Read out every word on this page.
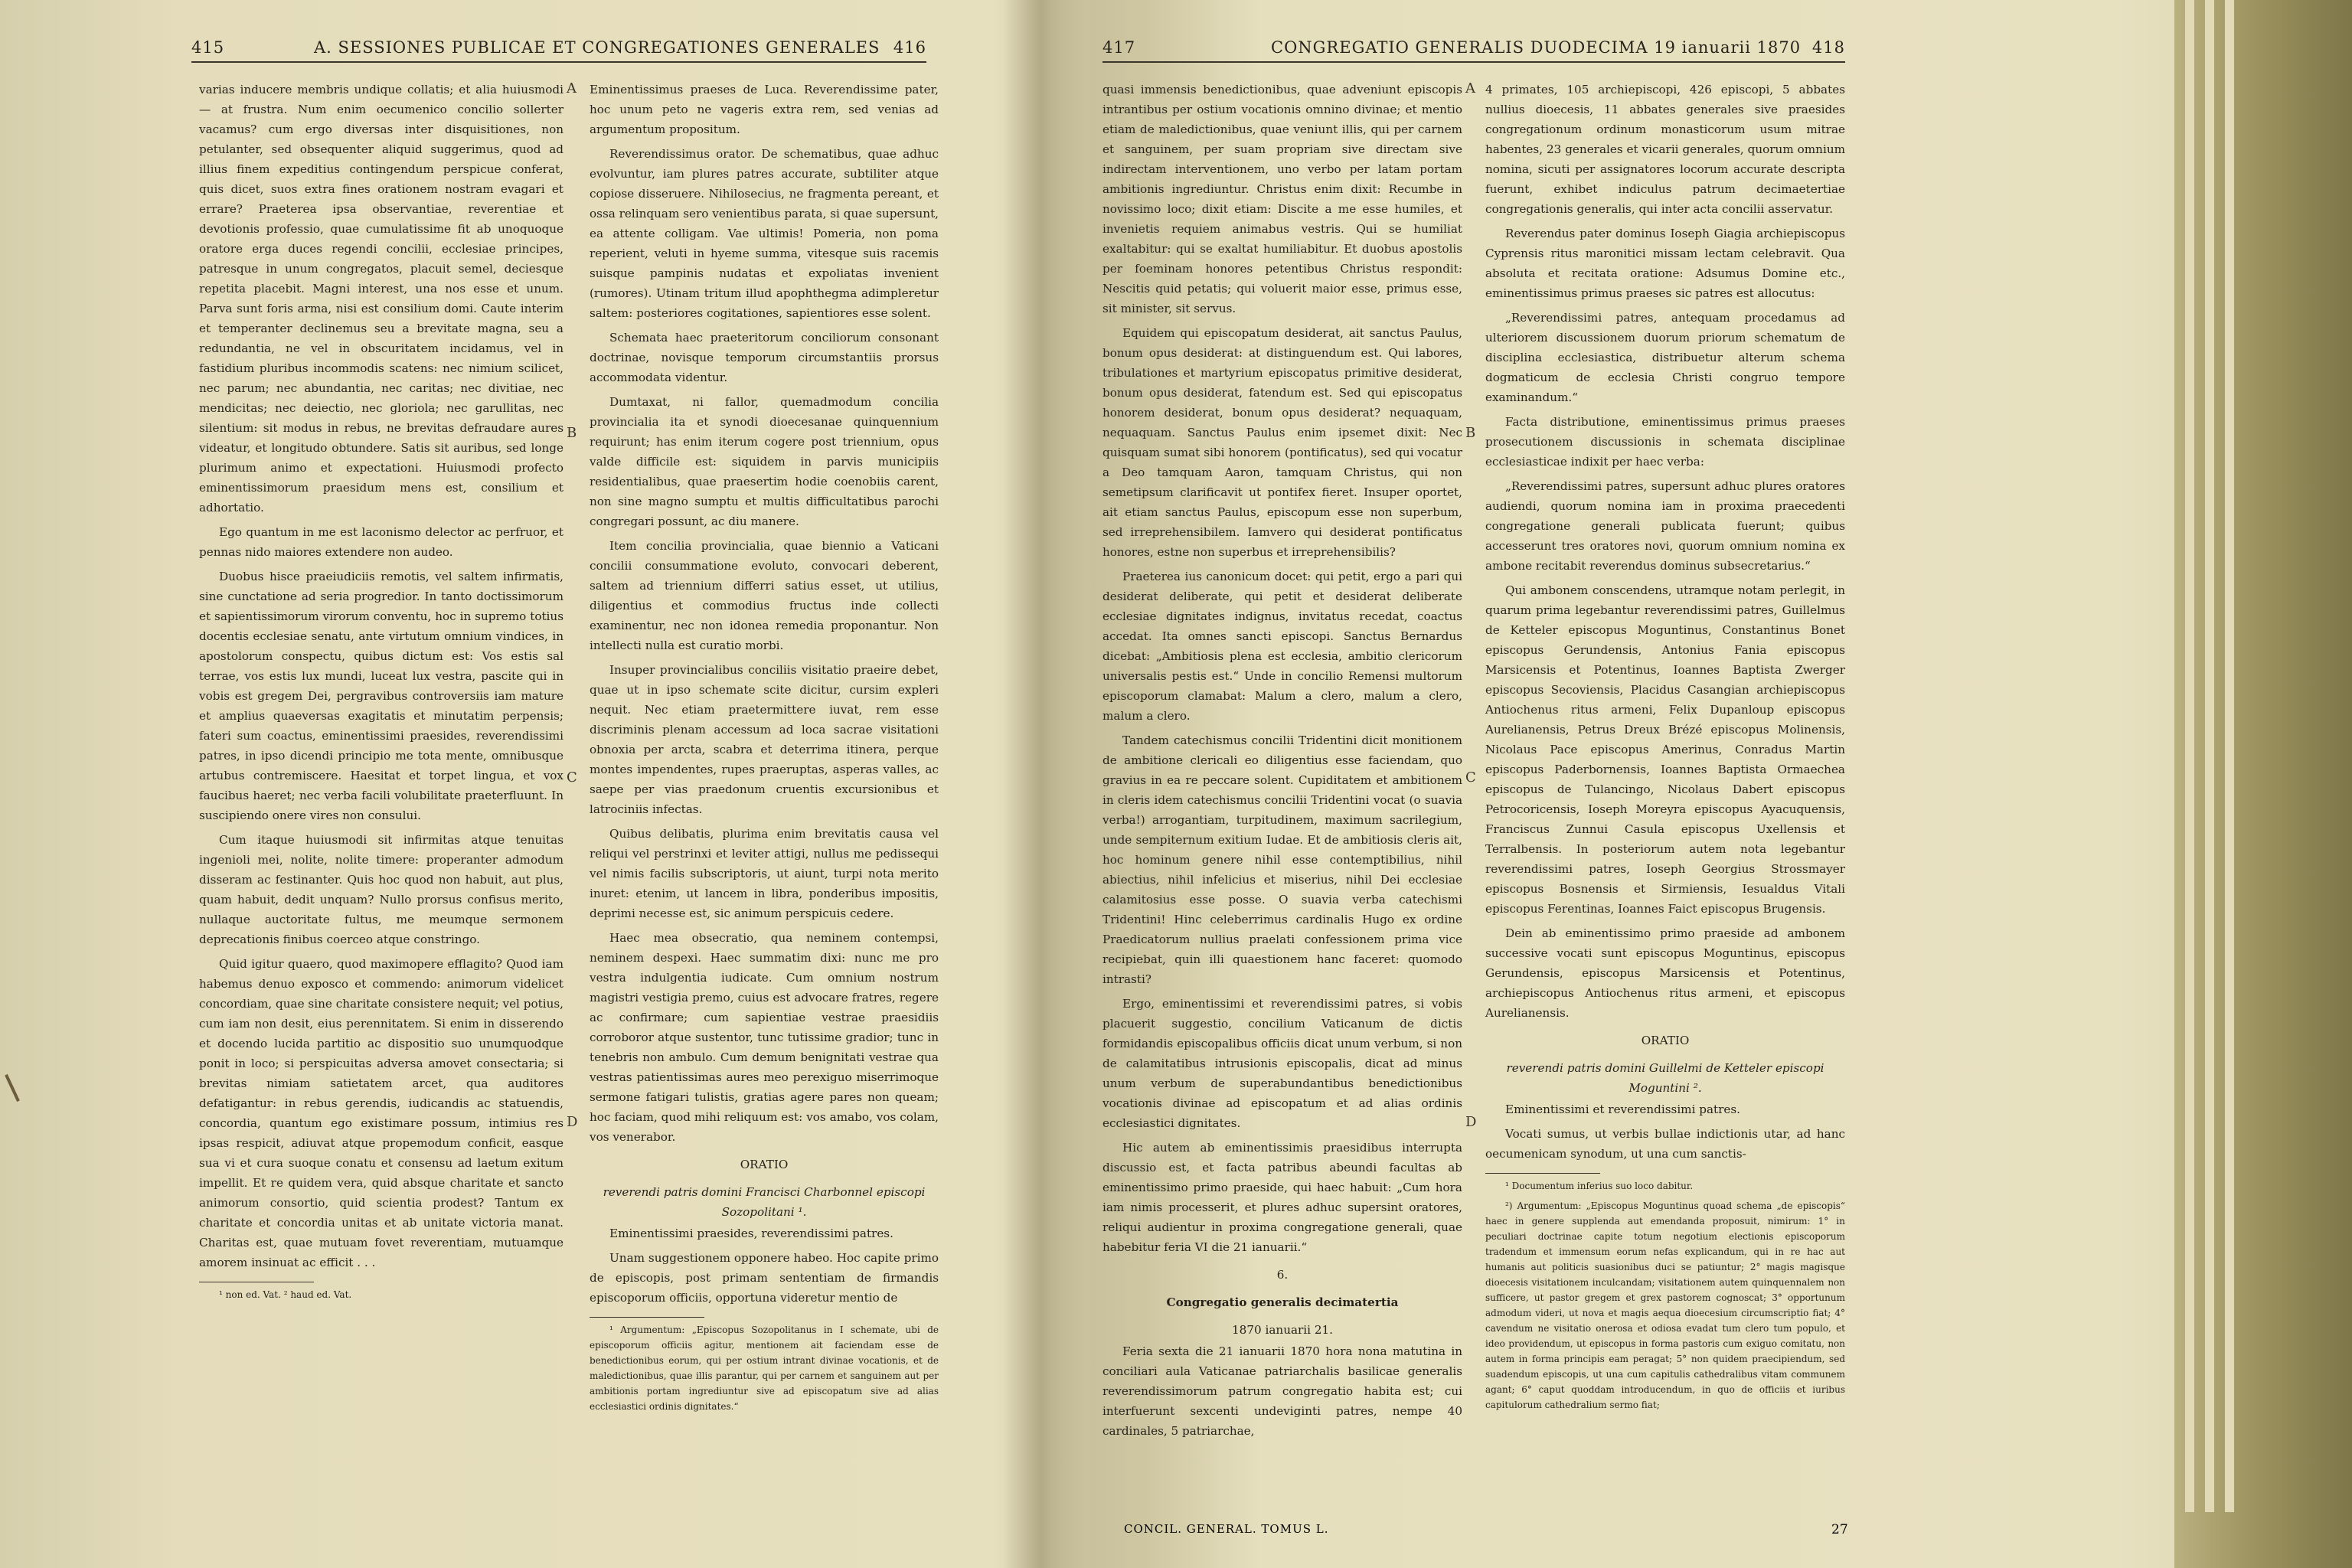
415	A. SESSIONES PUBLICAE ET CONGREGATIONES GENERALES 416

varias inducere membris undique collatis; et alia huiusmodi — at frustra. Num enim oecumenico concilio sollerter vacamus? cum ergo diversas inter disquisitiones, non petulanter, sed obsequenter aliquid suggerimus, quod ad illius finem expeditius contingendum perspicue conferat, quis dicet, suos extra fines orationem nostram evagari et errare? Praeterea ipsa observantiae, reverentiae et devotionis professio, quae cumulatissime fit ab unoquoque oratore erga duces regendi concilii, ecclesiae principes, patresque in unum congregatos, placuit semel, deciesque repetita placebit. Magni interest, una nos esse et unum. Parva sunt foris arma, nisi est consilium domi. Caute interim et temperanter declinemus seu a brevitate magna, seu a redundantia, ne vel in obscuritatem incidamus, vel in fastidium pluribus incommodis scatens: nec nimium scilicet, nec parum; nec abundantia, nec caritas; nec divitiae, nec mendicitas; nec deiectio, nec gloriola; nec garullitas, nec silentium: sit modus in rebus, ne brevitas defraudare aures videatur, et longitudo obtundere. Satis sit auribus, sed longe plurimum animo et expectationi. Huiusmodi profecto eminentissimorum praesidum mens est, consilium et adhortatio.

Ego quantum in me est laconismo delector ac perfruor, et pennas nido maiores extendere non audeo.

Duobus hisce praeiudiciis remotis, vel saltem infirmatis, sine cunctatione ad seria progredior. In tanto doctissimorum et sapientissimorum virorum conventu, hoc in supremo totius docentis ecclesiae senatu, ante virtutum omnium vindices, in apostolorum conspectu, quibus dictum est: Vos estis sal terrae, vos estis lux mundi, luceat lux vestra, pascite qui in vobis est gregem Dei, pergravibus controversiis iam mature et amplius quaeversas exagitatis et minutatim perpensis; fateri sum coactus, eminentissimi praesides, reverendissimi patres, in ipso dicendi principio me tota mente, omnibusque artubus contremiscere. Haesitat et torpet lingua, et vox faucibus haeret; nec verba facili volubilitate praeterfluunt. In suscipiendo onere vires non consului.

Cum itaque huiusmodi sit infirmitas atque tenuitas ingenioli mei, nolite, nolite timere: properanter admodum disseram ac festinanter. Quis hoc quod non habuit, aut plus, quam habuit, dedit unquam? Nullo prorsus confisus merito, nullaque auctoritate fultus, me meumque sermonem deprecationis finibus coerceo atque constringo.

Quid igitur quaero, quod maximopere efflagito? Quod iam habemus denuo exposco et commendo: animorum videlicet concordiam, quae sine charitate consistere nequit; vel potius, cum iam non desit, eius perennitatem. Si enim in disserendo et docendo lucida partitio ac dispositio suo unumquodque ponit in loco; si perspicuitas adversa amovet consectaria; si brevitas nimiam satietatem arcet, qua auditores defatigantur: in rebus gerendis, iudicandis ac statuendis, concordia, quantum ego existimare possum, intimius res ipsas respicit, adiuvat atque propemodum conficit, easque sua vi et cura suoque conatu et consensu ad laetum exitum impellit. Et re quidem vera, quid absque charitate et sancto animorum consortio, quid scientia prodest? Tantum ex charitate et concordia unitas et ab unitate victoria manat. Charitas est, quae mutuam fovet reverentiam, mutuamque amorem insinuat ac efficit . . .

¹ non ed. Vat. ² haud ed. Vat.

A
B
C
D

Eminentissimus praeses de Luca. Reverendissime pater, hoc unum peto ne vageris extra rem, sed venias ad argumentum propositum.

Reverendissimus orator. De schematibus, quae adhuc evolvuntur, iam plures patres accurate, subtiliter atque copiose disseruere. Nihilosecius, ne fragmenta pereant, et ossa relinquam sero venientibus parata, si quae supersunt, ea attente colligam. Vae ultimis! Pomeria, non poma reperient, veluti in hyeme summa, vitesque suis racemis suisque pampinis nudatas et expoliatas invenient (rumores). Utinam tritum illud apophthegma adimpleretur saltem: posteriores cogitationes, sapientiores esse solent.

Schemata haec praeteritorum conciliorum consonant doctrinae, novisque temporum circumstantiis prorsus accommodata videntur.

Dumtaxat, ni fallor, quemadmodum concilia provincialia ita et synodi dioecesanae quinquennium requirunt; has enim iterum cogere post triennium, opus valde difficile est: siquidem in parvis municipiis residentialibus, quae praesertim hodie coenobiis carent, non sine magno sumptu et multis difficultatibus parochi congregari possunt, ac diu manere.

Item concilia provincialia, quae biennio a Vaticani concilii consummatione evoluto, convocari deberent, saltem ad triennium differri satius esset, ut utilius, diligentius et commodius fructus inde collecti examinentur, nec non idonea remedia proponantur. Non intellecti nulla est curatio morbi.

Insuper provincialibus conciliis visitatio praeire debet, quae ut in ipso schemate scite dicitur, cursim expleri nequit. Nec etiam praetermittere iuvat, rem esse discriminis plenam accessum ad loca sacrae visitationi obnoxia per arcta, scabra et deterrima itinera, perque montes impendentes, rupes praeruptas, asperas valles, ac saepe per vias praedonum cruentis excursionibus et latrociniis infectas.

Quibus delibatis, plurima enim brevitatis causa vel reliqui vel perstrinxi et leviter attigi, nullus me pedissequi vel nimis facilis subscriptoris, ut aiunt, turpi nota merito inuret: etenim, ut lancem in libra, ponderibus impositis, deprimi necesse est, sic animum perspicuis cedere.

Haec mea obsecratio, qua neminem contempsi, neminem despexi. Haec summatim dixi: nunc me pro vestra indulgentia iudicate. Cum omnium nostrum magistri vestigia premo, cuius est advocare fratres, regere ac confirmare; cum sapientiae vestrae praesidiis corroboror atque sustentor, tunc tutissime gradior; tunc in tenebris non ambulo. Cum demum benignitati vestrae qua vestras patientissimas aures meo perexiguo miserrimoque sermone fatigari tulistis, gratias agere pares non queam; hoc faciam, quod mihi reliquum est: vos amabo, vos colam, vos venerabor.

ORATIO

reverendi patris domini Francisci Charbonnel episcopi Sozopolitani ¹.

Eminentissimi praesides, reverendissimi patres.

Unam suggestionem opponere habeo. Hoc capite primo de episcopis, post primam sententiam de firmandis episcoporum officiis, opportuna videretur mentio de

¹ Argumentum: „Episcopus Sozopolitanus in I schemate, ubi de episcoporum officiis agitur, mentionem ait faciendam esse de benedictionibus eorum, qui per ostium intrant divinae vocationis, et de maledictionibus, quae illis parantur, qui per carnem et sanguinem aut per ambitionis portam ingrediuntur sive ad episcopatum sive ad alias ecclesiastici ordinis dignitates.“

417	CONGREGATIO GENERALIS DUODECIMA 19 ianuarii 1870 418

quasi immensis benedictionibus, quae adveniunt episcopis intrantibus per ostium vocationis omnino divinae; et mentio etiam de maledictionibus, quae veniunt illis, qui per carnem et sanguinem, per suam propriam sive directam sive indirectam interventionem, uno verbo per latam portam ambitionis ingrediuntur. Christus enim dixit: Recumbe in novissimo loco; dixit etiam: Discite a me esse humiles, et invenietis requiem animabus vestris. Qui se humiliat exaltabitur: qui se exaltat humiliabitur. Et duobus apostolis per foeminam honores petentibus Christus respondit: Nescitis quid petatis; qui voluerit maior esse, primus esse, sit minister, sit servus.

Equidem qui episcopatum desiderat, ait sanctus Paulus, bonum opus desiderat: at distinguendum est. Qui labores, tribulationes et martyrium episcopatus primitive desiderat, bonum opus desiderat, fatendum est. Sed qui episcopatus honorem desiderat, bonum opus desiderat? nequaquam, nequaquam. Sanctus Paulus enim ipsemet dixit: Nec quisquam sumat sibi honorem (pontificatus), sed qui vocatur a Deo tamquam Aaron, tamquam Christus, qui non semetipsum clarificavit ut pontifex fieret. Insuper oportet, ait etiam sanctus Paulus, episcopum esse non superbum, sed irreprehensibilem. Iamvero qui desiderat pontificatus honores, estne non superbus et irreprehensibilis?

Praeterea ius canonicum docet: qui petit, ergo a pari qui desiderat deliberate, qui petit et desiderat deliberate ecclesiae dignitates indignus, invitatus recedat, coactus accedat. Ita omnes sancti episcopi. Sanctus Bernardus dicebat: „Ambitiosis plena est ecclesia, ambitio clericorum universalis pestis est.“ Unde in concilio Remensi multorum episcoporum clamabat: Malum a clero, malum a clero, malum a clero.

Tandem catechismus concilii Tridentini dicit monitionem de ambitione clericali eo diligentius esse faciendam, quo gravius in ea re peccare solent. Cupiditatem et ambitionem in cleris idem catechismus concilii Tridentini vocat (o suavia verba!) arrogantiam, turpitudinem, maximum sacrilegium, unde sempiternum exitium Iudae. Et de ambitiosis cleris ait, hoc hominum genere nihil esse contemptibilius, nihil abiectius, nihil infelicius et miserius, nihil Dei ecclesiae calamitosius esse posse. O suavia verba catechismi Tridentini! Hinc celeberrimus cardinalis Hugo ex ordine Praedicatorum nullius praelati confessionem prima vice recipiebat, quin illi quaestionem hanc faceret: quomodo intrasti?

Ergo, eminentissimi et reverendissimi patres, si vobis placuerit suggestio, concilium Vaticanum de dictis formidandis episcopalibus officiis dicat unum verbum, si non de calamitatibus intrusionis episcopalis, dicat ad minus unum verbum de superabundantibus benedictionibus vocationis divinae ad episcopatum et ad alias ordinis ecclesiastici dignitates.

Hic autem ab eminentissimis praesidibus interrupta discussio est, et facta patribus abeundi facultas ab eminentissimo primo praeside, qui haec habuit: „Cum hora iam nimis processerit, et plures adhuc supersint oratores, reliqui audientur in proxima congregatione generali, quae habebitur feria VI die 21 ianuarii.“

6.

Congregatio generalis decimatertia

1870 ianuarii 21.

Feria sexta die 21 ianuarii 1870 hora nona matutina in conciliari aula Vaticanae patriarchalis basilicae generalis reverendissimorum patrum congregatio habita est; cui interfuerunt sexcenti undeviginti patres, nempe 40 cardinales, 5 patriarchae,

A
B
C
D

4 primates, 105 archiepiscopi, 426 episcopi, 5 abbates nullius dioecesis, 11 abbates generales sive praesides congregationum ordinum monasticorum usum mitrae habentes, 23 generales et vicarii generales, quorum omnium nomina, sicuti per assignatores locorum accurate descripta fuerunt, exhibet indiculus patrum decimaetertiae congregationis generalis, qui inter acta concilii asservatur.

Reverendus pater dominus Ioseph Giagia archiepiscopus Cyprensis ritus maronitici missam lectam celebravit. Qua absoluta et recitata oratione: Adsumus Domine etc., eminentissimus primus praeses sic patres est allocutus:

„Reverendissimi patres, antequam procedamus ad ulteriorem discussionem duorum priorum schematum de disciplina ecclesiastica, distribuetur alterum schema dogmaticum de ecclesia Christi congruo tempore examinandum.“

Facta distributione, eminentissimus primus praeses prosecutionem discussionis in schemata disciplinae ecclesiasticae indixit per haec verba:

„Reverendissimi patres, supersunt adhuc plures oratores audiendi, quorum nomina iam in proxima praecedenti congregatione generali publicata fuerunt; quibus accesserunt tres oratores novi, quorum omnium nomina ex ambone recitabit reverendus dominus subsecretarius.“

Qui ambonem conscendens, utramque notam perlegit, in quarum prima legebantur reverendissimi patres, Guillelmus de Ketteler episcopus Moguntinus, Constantinus Bonet episcopus Gerundensis, Antonius Fania episcopus Marsicensis et Potentinus, Ioannes Baptista Zwerger episcopus Secoviensis, Placidus Casangian archiepiscopus Antiochenus ritus armeni, Felix Dupanloup episcopus Aurelianensis, Petrus Dreux Brézé episcopus Molinensis, Nicolaus Pace episcopus Amerinus, Conradus Martin episcopus Paderbornensis, Ioannes Baptista Ormaechea episcopus de Tulancingo, Nicolaus Dabert episcopus Petrocoricensis, Ioseph Moreyra episcopus Ayacuquensis, Franciscus Zunnui Casula episcopus Uxellensis et Terralbensis. In posteriorum autem nota legebantur reverendissimi patres, Ioseph Georgius Strossmayer episcopus Bosnensis et Sirmiensis, Iesualdus Vitali episcopus Ferentinas, Ioannes Faict episcopus Brugensis.

Dein ab eminentissimo primo praeside ad ambonem successive vocati sunt episcopus Moguntinus, episcopus Gerundensis, episcopus Marsicensis et Potentinus, archiepiscopus Antiochenus ritus armeni, et episcopus Aurelianensis.

ORATIO

reverendi patris domini Guillelmi de Ketteler episcopi Moguntini ².

Eminentissimi et reverendissimi patres.

Vocati sumus, ut verbis bullae indictionis utar, ad hanc oecumenicam synodum, ut una cum sanctis-

¹ Documentum inferius suo loco dabitur.

²) Argumentum: „Episcopus Moguntinus quoad schema „de episcopis“ haec in genere supplenda aut emendanda proposuit, nimirum: 1° in peculiari doctrinae capite totum negotium electionis episcoporum tradendum et immensum eorum nefas explicandum, qui in re hac aut humanis aut politicis suasionibus duci se patiuntur; 2° magis magisque dioecesis visitationem inculcandam; visitationem autem quinquennalem non sufficere, ut pastor gregem et grex pastorem cognoscat; 3° opportunum admodum videri, ut nova et magis aequa dioecesium circumscriptio fiat; 4° cavendum ne visitatio onerosa et odiosa evadat tum clero tum populo, et ideo providendum, ut episcopus in forma pastoris cum exiguo comitatu, non autem in forma principis eam peragat; 5° non quidem praecipiendum, sed suadendum episcopis, ut una cum capitulis cathedralibus vitam communem agant; 6° caput quoddam introducendum, in quo de officiis et iuribus capitulorum cathedralium sermo fiat;

CONCIL. GENERAL. TOMUS L.	27
